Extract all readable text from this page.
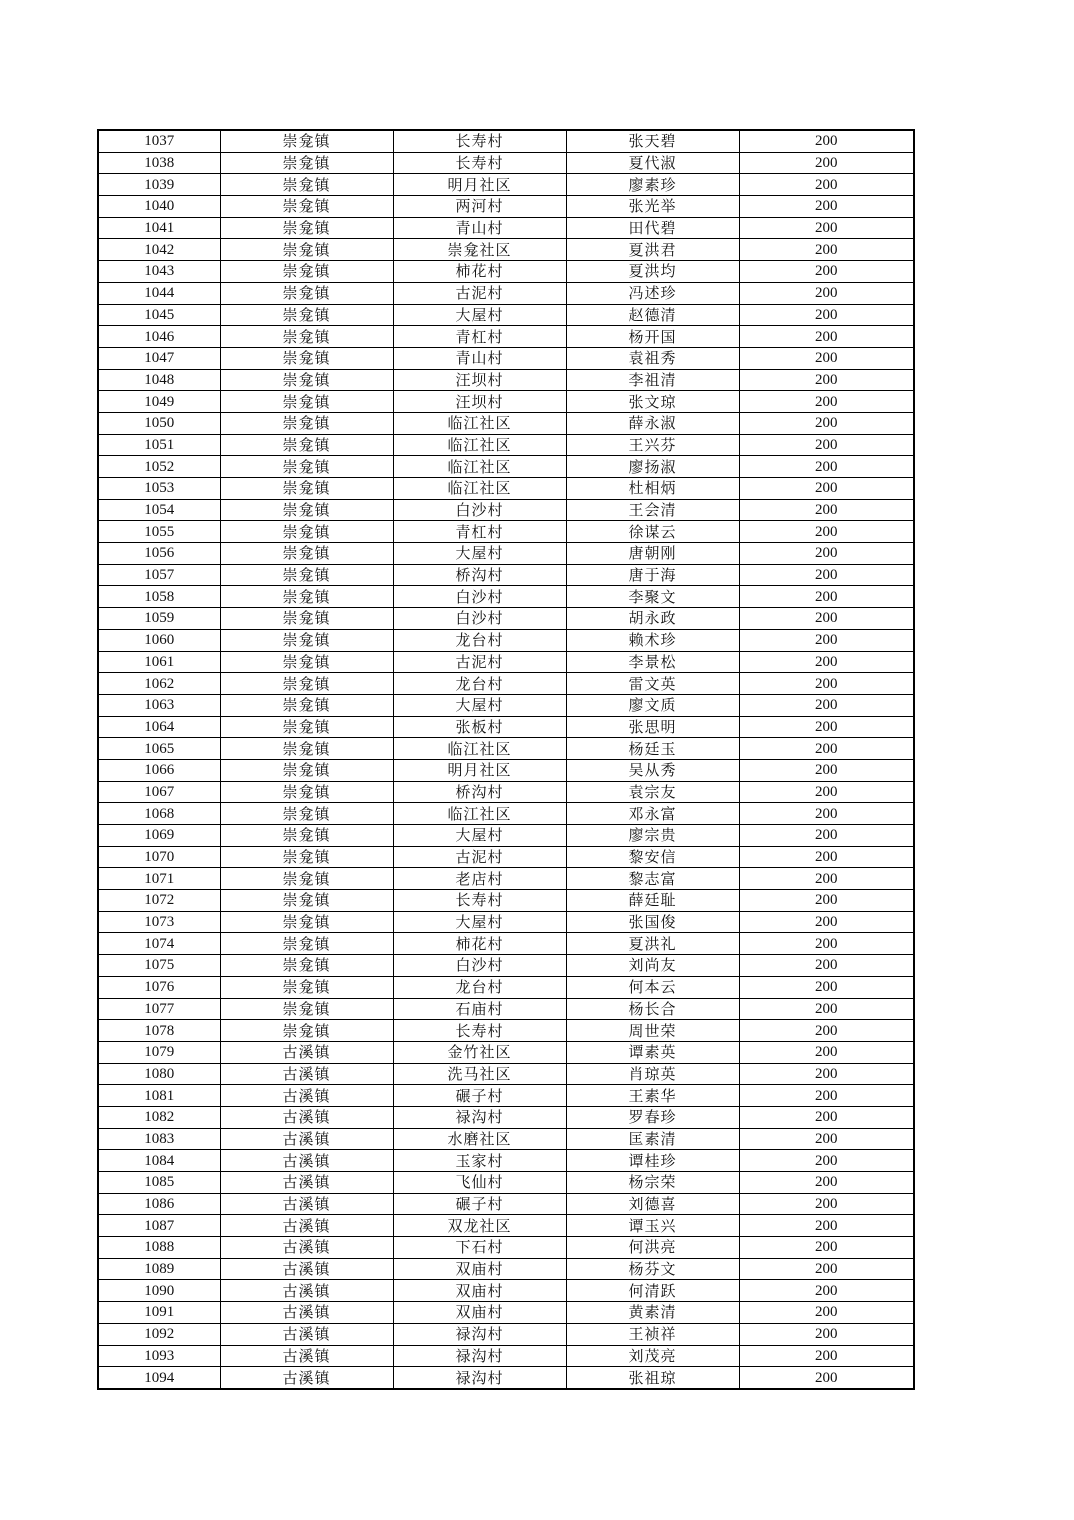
1037	崇龛镇	长寿村	张天碧	200
1038	崇龛镇	长寿村	夏代淑	200
1039	崇龛镇	明月社区	廖素珍	200
1040	崇龛镇	两河村	张光举	200
1041	崇龛镇	青山村	田代碧	200
1042	崇龛镇	崇龛社区	夏洪君	200
1043	崇龛镇	柿花村	夏洪均	200
1044	崇龛镇	古泥村	冯述珍	200
1045	崇龛镇	大屋村	赵德清	200
1046	崇龛镇	青杠村	杨开国	200
1047	崇龛镇	青山村	袁祖秀	200
1048	崇龛镇	汪坝村	李祖清	200
1049	崇龛镇	汪坝村	张文琼	200
1050	崇龛镇	临江社区	薛永淑	200
1051	崇龛镇	临江社区	王兴芬	200
1052	崇龛镇	临江社区	廖扬淑	200
1053	崇龛镇	临江社区	杜相炳	200
1054	崇龛镇	白沙村	王会清	200
1055	崇龛镇	青杠村	徐谋云	200
1056	崇龛镇	大屋村	唐朝刚	200
1057	崇龛镇	桥沟村	唐于海	200
1058	崇龛镇	白沙村	李聚文	200
1059	崇龛镇	白沙村	胡永政	200
1060	崇龛镇	龙台村	赖术珍	200
1061	崇龛镇	古泥村	李景松	200
1062	崇龛镇	龙台村	雷文英	200
1063	崇龛镇	大屋村	廖文质	200
1064	崇龛镇	张板村	张思明	200
1065	崇龛镇	临江社区	杨廷玉	200
1066	崇龛镇	明月社区	吴从秀	200
1067	崇龛镇	桥沟村	袁宗友	200
1068	崇龛镇	临江社区	邓永富	200
1069	崇龛镇	大屋村	廖宗贵	200
1070	崇龛镇	古泥村	黎安信	200
1071	崇龛镇	老店村	黎志富	200
1072	崇龛镇	长寿村	薛廷耻	200
1073	崇龛镇	大屋村	张国俊	200
1074	崇龛镇	柿花村	夏洪礼	200
1075	崇龛镇	白沙村	刘尚友	200
1076	崇龛镇	龙台村	何本云	200
1077	崇龛镇	石庙村	杨长合	200
1078	崇龛镇	长寿村	周世荣	200
1079	古溪镇	金竹社区	谭素英	200
1080	古溪镇	洗马社区	肖琼英	200
1081	古溪镇	碾子村	王素华	200
1082	古溪镇	禄沟村	罗春珍	200
1083	古溪镇	水磨社区	匡素清	200
1084	古溪镇	玉家村	谭桂珍	200
1085	古溪镇	飞仙村	杨宗荣	200
1086	古溪镇	碾子村	刘德喜	200
1087	古溪镇	双龙社区	谭玉兴	200
1088	古溪镇	下石村	何洪亮	200
1089	古溪镇	双庙村	杨芬文	200
1090	古溪镇	双庙村	何清跃	200
1091	古溪镇	双庙村	黄素清	200
1092	古溪镇	禄沟村	王祯祥	200
1093	古溪镇	禄沟村	刘茂亮	200
1094	古溪镇	禄沟村	张祖琼	200
